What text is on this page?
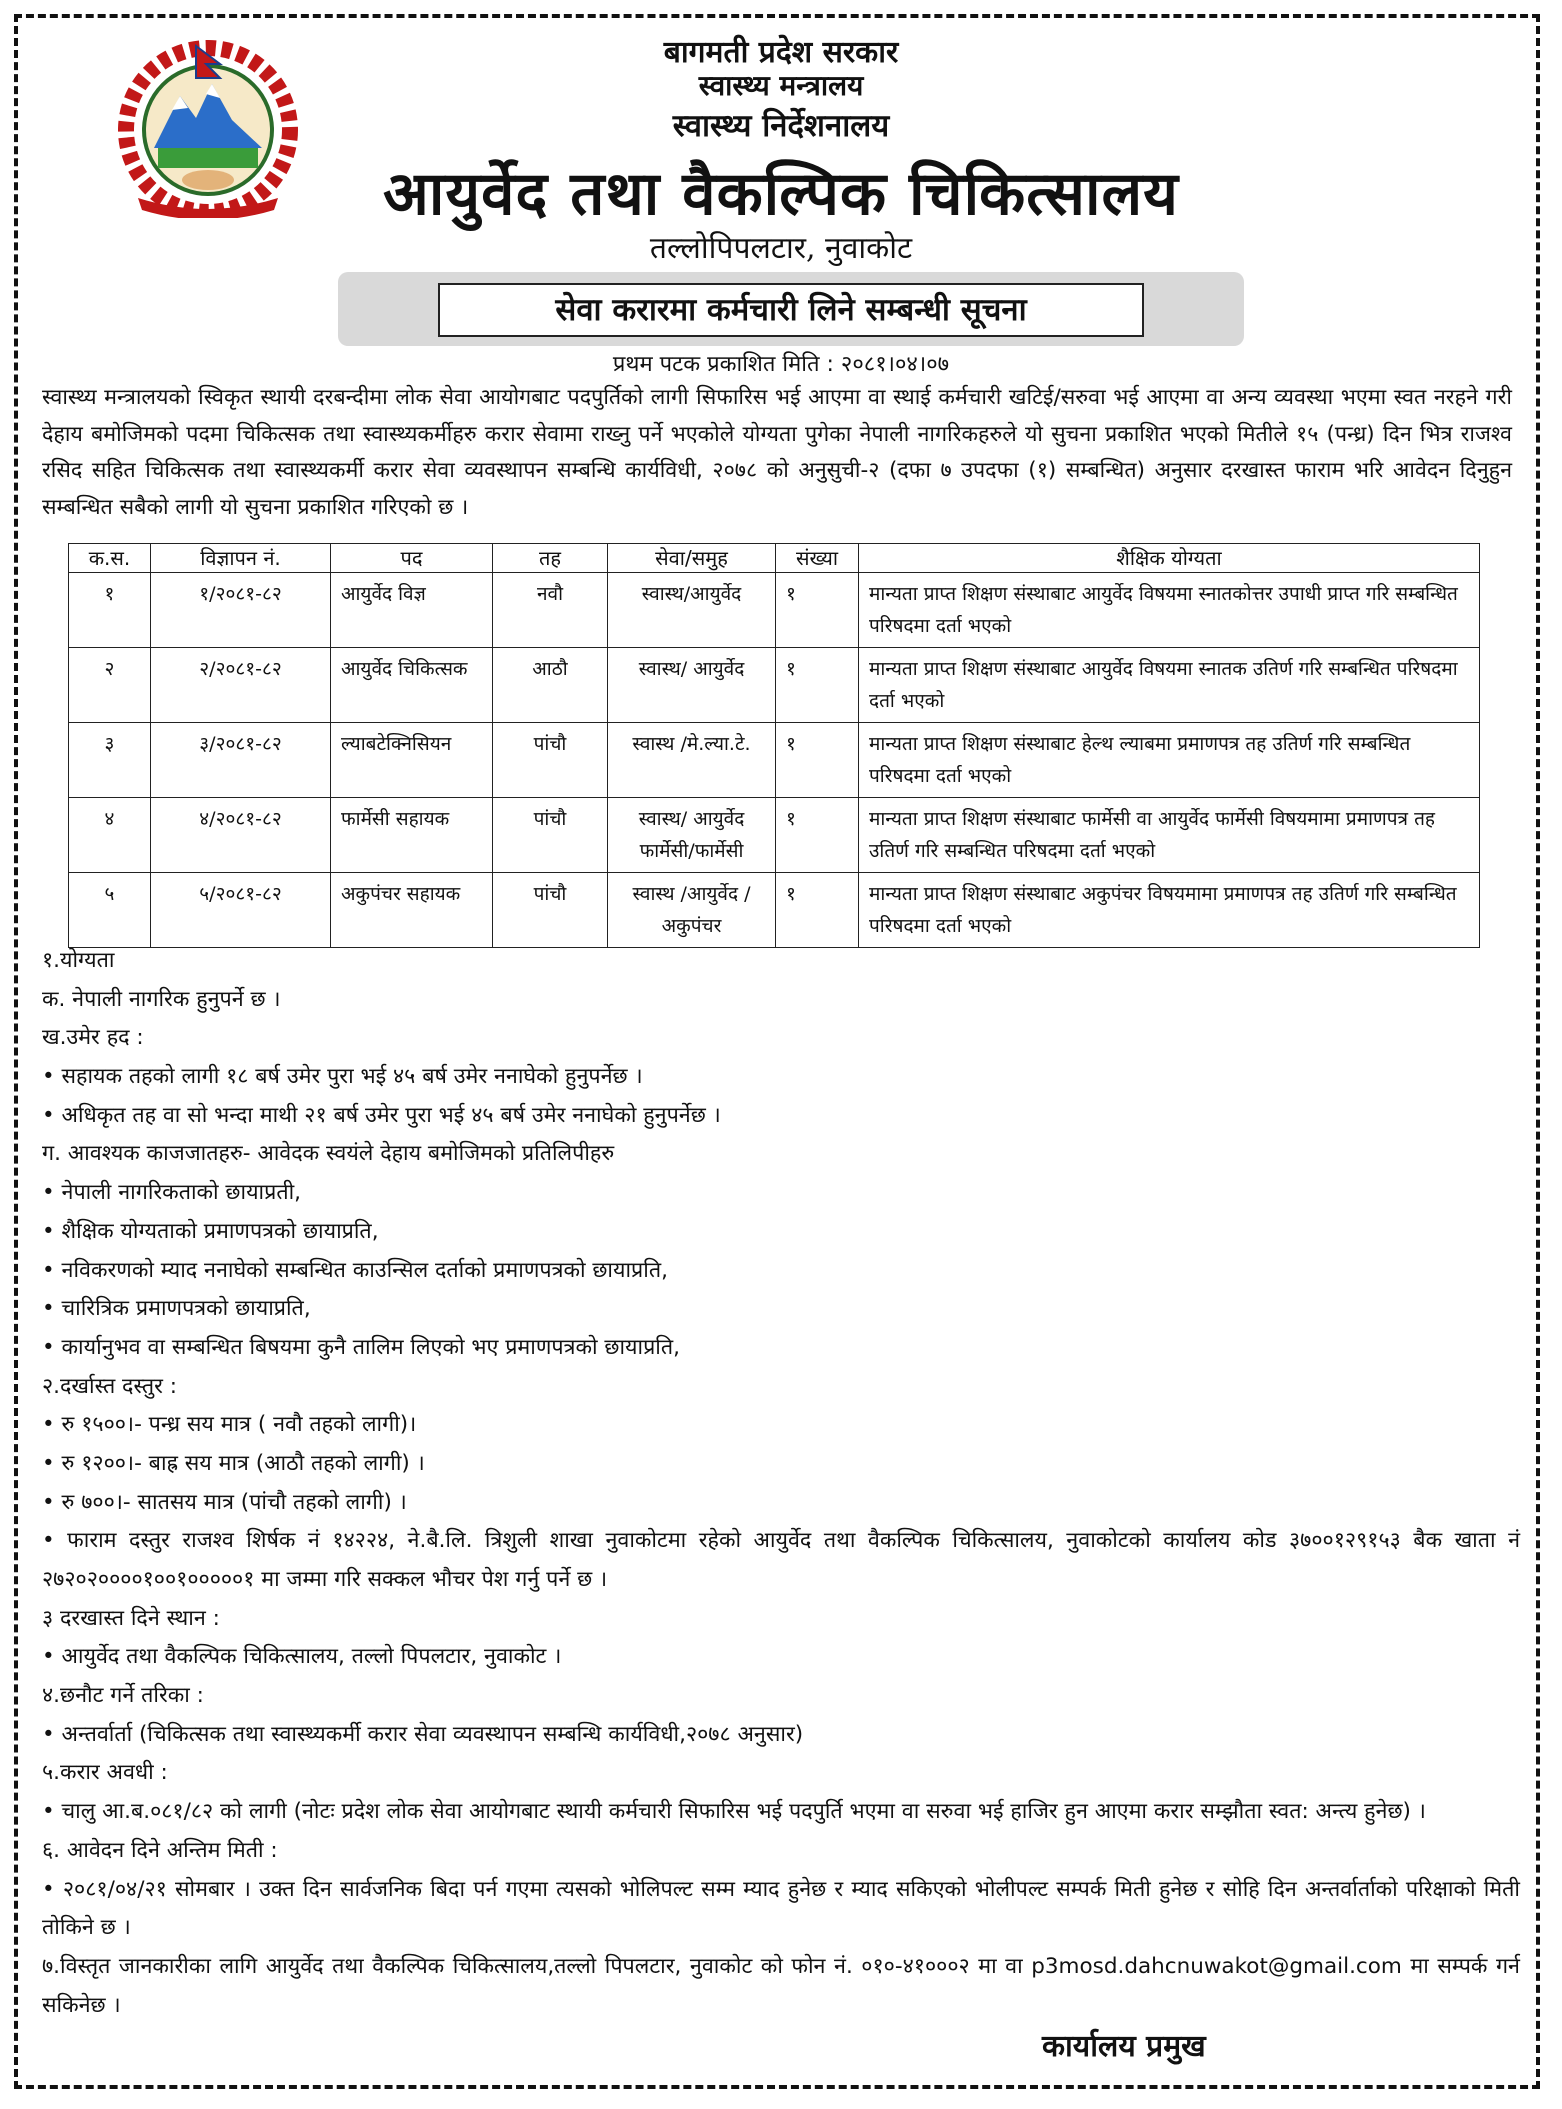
बागमती प्रदेश सरकार
स्वास्थ्य मन्त्रालय
स्वास्थ्य निर्देशनालय
आयुर्वेद तथा वैकल्पिक चिकित्सालय
तल्लोपिपलटार, नुवाकोट
सेवा करारमा कर्मचारी लिने सम्बन्धी सूचना
प्रथम पटक प्रकाशित मिति : २०८१।०४।०७
स्वास्थ्य मन्त्रालयको स्विकृत स्थायी दरबन्दीमा लोक सेवा आयोगबाट पदपुर्तिको लागी सिफारिस भई आएमा वा स्थाई कर्मचारी खटिई/सरुवा भई आएमा वा अन्य व्यवस्था भएमा स्वत नरहने गरी देहाय बमोजिमको पदमा चिकित्सक तथा स्वास्थ्यकर्मीहरु करार सेवामा राख्नु पर्ने भएकोले योग्यता पुगेका नेपाली नागरिकहरुले यो सुचना प्रकाशित भएको मितीले १५ (पन्ध्र) दिन भित्र राजश्व रसिद सहित चिकित्सक तथा स्वास्थ्यकर्मी करार सेवा व्यवस्थापन सम्बन्धि कार्यविधी, २०७८ को अनुसुची-२ (दफा ७ उपदफा (१) सम्बन्धित) अनुसार दरखास्त फाराम भरि आवेदन दिनुहुन सम्बन्धित सबैको लागी यो सुचना प्रकाशित गरिएको छ ।
क.स.	विज्ञापन नं.	पद	तह	सेवा/समुह	संख्या	शैक्षिक योग्यता
१	१/२०८१-८२	आयुर्वेद विज्ञ	नवौ	स्वास्थ/आयुर्वेद	१	मान्यता प्राप्त शिक्षण संस्थाबाट आयुर्वेद विषयमा स्नातकोत्तर उपाधी प्राप्त गरि सम्बन्धित परिषदमा दर्ता भएको
२	२/२०८१-८२	आयुर्वेद चिकित्सक	आठौ	स्वास्थ/ आयुर्वेद	१	मान्यता प्राप्त शिक्षण संस्थाबाट आयुर्वेद विषयमा स्नातक उतिर्ण गरि सम्बन्धित परिषदमा दर्ता भएको
३	३/२०८१-८२	ल्याबटेक्निसियन	पांचौ	स्वास्थ /मे.ल्या.टे.	१	मान्यता प्राप्त शिक्षण संस्थाबाट हेल्थ ल्याबमा प्रमाणपत्र तह उतिर्ण गरि सम्बन्धित परिषदमा दर्ता भएको
४	४/२०८१-८२	फार्मेसी सहायक	पांचौ	स्वास्थ/ आयुर्वेद फार्मेसी/फार्मेसी	१	मान्यता प्राप्त शिक्षण संस्थाबाट फार्मेसी वा आयुर्वेद फार्मेसी विषयमामा प्रमाणपत्र तह उतिर्ण गरि सम्बन्धित परिषदमा दर्ता भएको
५	५/२०८१-८२	अकुपंचर सहायक	पांचौ	स्वास्थ /आयुर्वेद /अकुपंचर	१	मान्यता प्राप्त शिक्षण संस्थाबाट अकुपंचर विषयमामा प्रमाणपत्र तह उतिर्ण गरि सम्बन्धित परिषदमा दर्ता भएको
१.योग्यता
क. नेपाली नागरिक हुनुपर्ने छ ।
ख.उमेर हद :
• सहायक तहको लागी १८ बर्ष उमेर पुरा भई ४५ बर्ष उमेर ननाघेको हुनुपर्नेछ ।
• अधिकृत तह वा सो भन्दा माथी २१ बर्ष उमेर पुरा भई ४५ बर्ष उमेर ननाघेको हुनुपर्नेछ ।
ग. आवश्यक काजजातहरु- आवेदक स्वयंले देहाय बमोजिमको प्रतिलिपीहरु
• नेपाली नागरिकताको छायाप्रती,
• शैक्षिक योग्यताको प्रमाणपत्रको छायाप्रति,
• नविकरणको म्याद ननाघेको सम्बन्धित काउन्सिल दर्ताको प्रमाणपत्रको छायाप्रति,
• चारित्रिक प्रमाणपत्रको छायाप्रति,
• कार्यानुभव वा सम्बन्धित बिषयमा कुनै तालिम लिएको भए प्रमाणपत्रको छायाप्रति,
२.दर्खास्त दस्तुर :
• रु १५००।- पन्ध्र सय मात्र ( नवौ तहको लागी)।
• रु १२००।- बाह्र सय मात्र (आठौ तहको लागी) ।
• रु ७००।- सातसय मात्र (पांचौ तहको लागी) ।
• फाराम दस्तुर राजश्व शिर्षक नं १४२२४, ने.बै.लि. त्रिशुली शाखा नुवाकोटमा रहेको आयुर्वेद तथा वैकल्पिक चिकित्सालय, नुवाकोटको कार्यालय कोड ३७००१२९१५३ बैक खाता नं २७२०२००००१००१०००००१ मा जम्मा गरि सक्कल भौचर पेश गर्नु पर्ने छ ।
३ दरखास्त दिने स्थान :
• आयुर्वेद तथा वैकल्पिक चिकित्सालय, तल्लो पिपलटार, नुवाकोट ।
४.छनौट गर्ने तरिका :
• अन्तर्वार्ता (चिकित्सक तथा स्वास्थ्यकर्मी करार सेवा व्यवस्थापन सम्बन्धि कार्यविधी,२०७८ अनुसार)
५.करार अवधी :
• चालु आ.ब.०८१/८२ को लागी (नोटः प्रदेश लोक सेवा आयोगबाट स्थायी कर्मचारी सिफारिस भई पदपुर्ति भएमा वा सरुवा भई हाजिर हुन आएमा करार सम्झौता स्वत: अन्त्य हुनेछ) ।
६. आवेदन दिने अन्तिम मिती :
• २०८१/०४/२१ सोमबार । उक्त दिन सार्वजनिक बिदा पर्न गएमा त्यसको भोलिपल्ट सम्म म्याद हुनेछ र म्याद सकिएको भोलीपल्ट सम्पर्क मिती हुनेछ र सोहि दिन अन्तर्वार्ताको परिक्षाको मिती तोकिने छ ।
७.विस्तृत जानकारीका लागि आयुर्वेद तथा वैकल्पिक चिकित्सालय,तल्लो पिपलटार, नुवाकोट को फोन नं. ०१०-४१०००२ मा वा p3mosd.dahcnuwakot@gmail.com मा सम्पर्क गर्न सकिनेछ ।
कार्यालय प्रमुख
